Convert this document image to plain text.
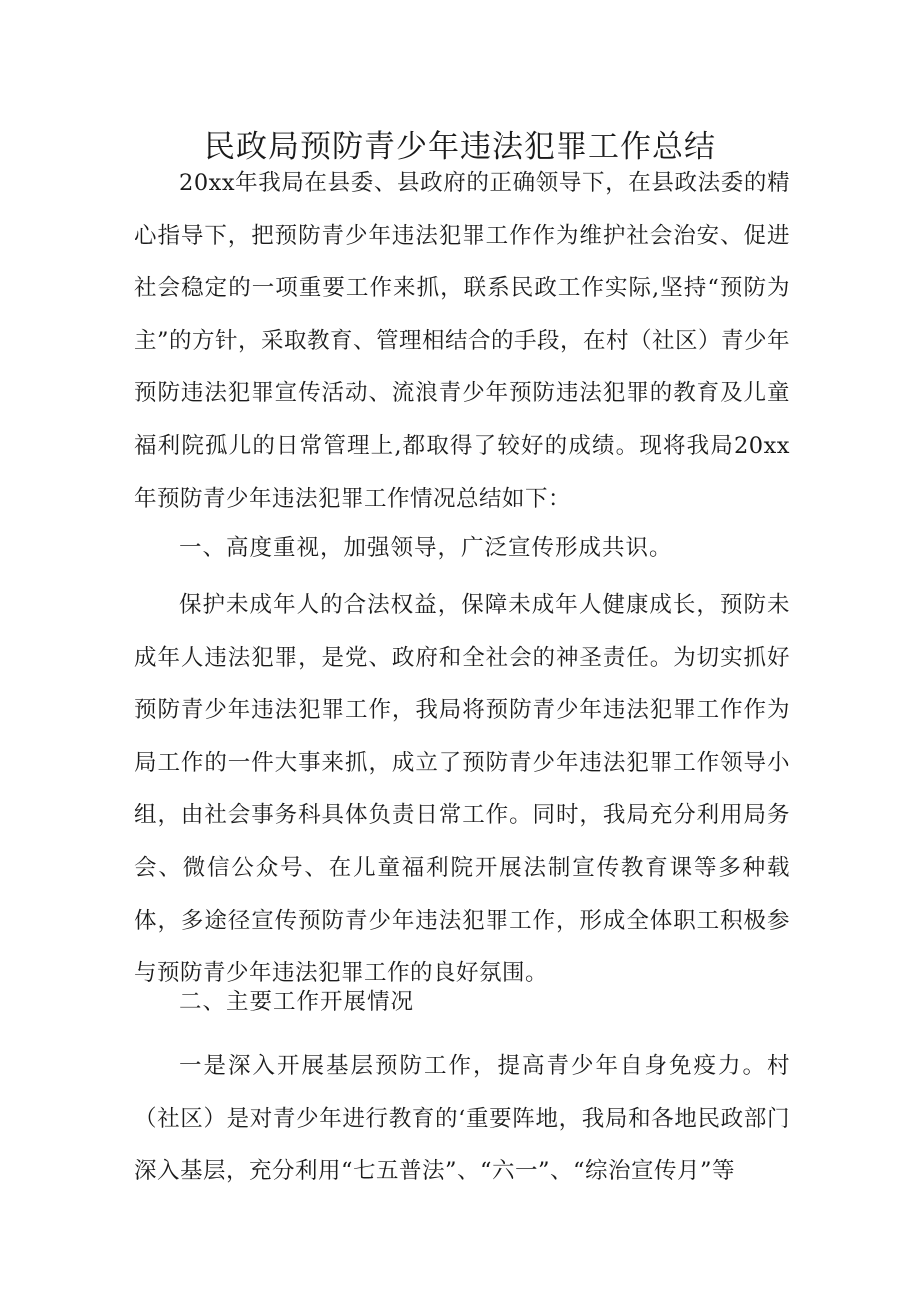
民政局预防青少年违法犯罪工作总结

20xx年我局在县委、县政府的正确领导下，在县政法委的精心指导下，把预防青少年违法犯罪工作作为维护社会治安、促进社会稳定的一项重要工作来抓，联系民政工作实际,坚持“预防为主”的方针，采取教育、管理相结合的手段，在村（社区）青少年预防违法犯罪宣传活动、流浪青少年预防违法犯罪的教育及儿童福利院孤儿的日常管理上,都取得了较好的成绩。现将我局20xx年预防青少年违法犯罪工作情况总结如下：

一、高度重视，加强领导，广泛宣传形成共识。

保护未成年人的合法权益，保障未成年人健康成长，预防未成年人违法犯罪，是党、政府和全社会的神圣责任。为切实抓好预防青少年违法犯罪工作，我局将预防青少年违法犯罪工作作为局工作的一件大事来抓，成立了预防青少年违法犯罪工作领导小组，由社会事务科具体负责日常工作。同时，我局充分利用局务会、微信公众号、在儿童福利院开展法制宣传教育课等多种载体，多途径宣传预防青少年违法犯罪工作，形成全体职工积极参与预防青少年违法犯罪工作的良好氛围。

二、主要工作开展情况

一是深入开展基层预防工作，提高青少年自身免疫力。村（社区）是对青少年进行教育的‘重要阵地，我局和各地民政部门深入基层，充分利用“七五普法”、“六一”、“综治宣传月”等
